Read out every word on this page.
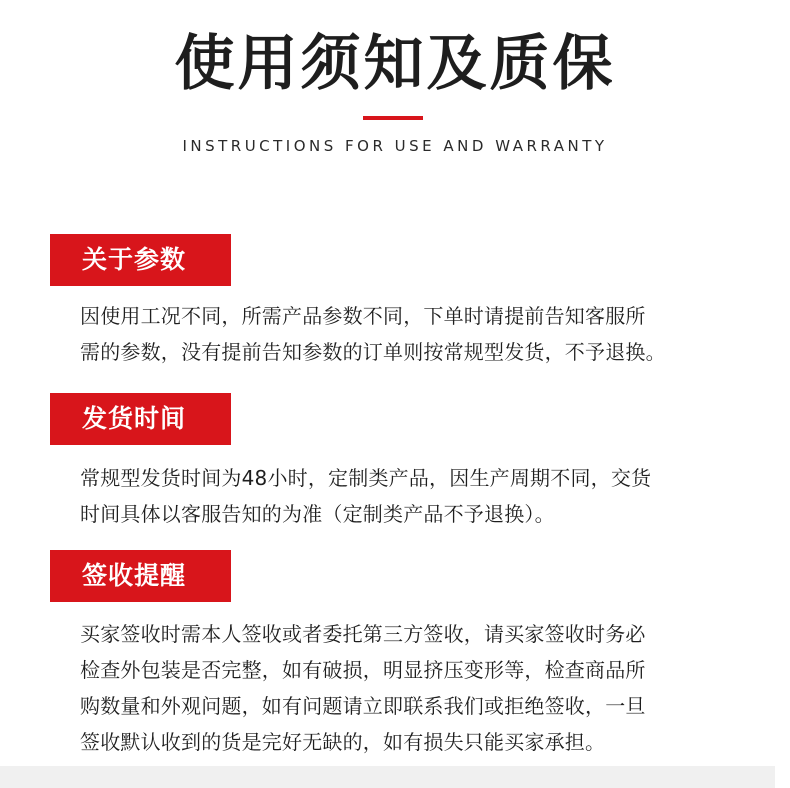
使用须知及质保
INSTRUCTIONS FOR USE AND WARRANTY
关于参数
因使用工况不同，所需产品参数不同，下单时请提前告知客服所
需的参数，没有提前告知参数的订单则按常规型发货，不予退换。
发货时间
常规型发货时间为48小时，定制类产品，因生产周期不同，交货
时间具体以客服告知的为准（定制类产品不予退换）。
签收提醒
买家签收时需本人签收或者委托第三方签收，请买家签收时务必
检查外包装是否完整，如有破损，明显挤压变形等，检查商品所
购数量和外观问题，如有问题请立即联系我们或拒绝签收，一旦
签收默认收到的货是完好无缺的，如有损失只能买家承担。
